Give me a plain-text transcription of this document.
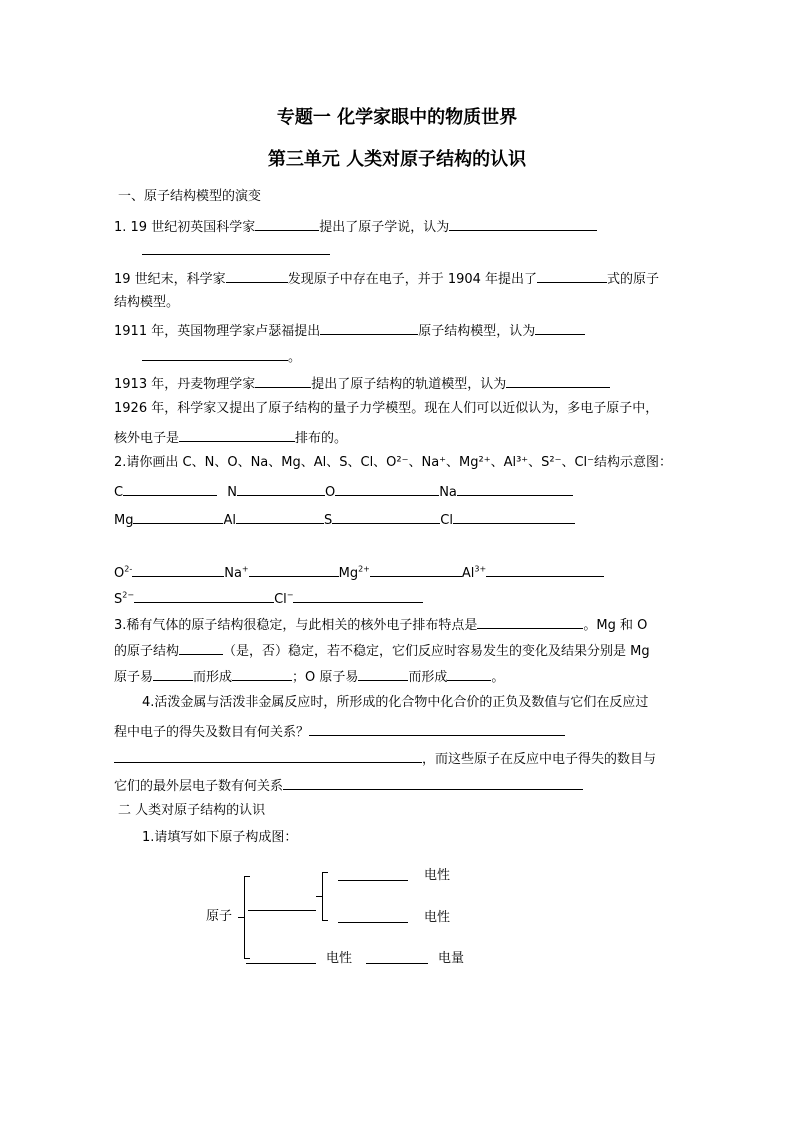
专题一 化学家眼中的物质世界
第三单元 人类对原子结构的认识
一、原子结构模型的演变
1. 19 世纪初英国科学家	提出了原子学说，认为
19 世纪末，科学家	发现原子中存在电子，并于 1904 年提出了	式的原子
结构模型。
1911 年，英国物理学家卢瑟福提出	原子结构模型，认为
。
1913 年，丹麦物理学家	提出了原子结构的轨道模型，认为
1926 年，科学家又提出了原子结构的量子力学模型。现在人们可以近似认为，多电子原子中，
核外电子是	排布的。
2.请你画出 C、N、O、Na、Mg、Al、S、Cl、O²⁻、Na⁺、Mg²⁺、Al³⁺、S²⁻、Cl⁻结构示意图：
C	N	O	Na
Mg	Al	S	Cl
$O^{2-}$	Na+	$Mg^{2+}$	$Al^{3+}$
$S^{2-}$	Cl−
3.稀有气体的原子结构很稳定，与此相关的核外电子排布特点是	。Mg 和 O
的原子结构	（是，否）稳定，若不稳定，它们反应时容易发生的变化及结果分别是 Mg
原子易	而形成	；O 原子易	而形成	。
4.活泼金属与活泼非金属反应时，所形成的化合物中化合价的正负及数值与它们在反应过
程中电子的得失及数目有何关系？
，而这些原子在反应中电子得失的数目与
它们的最外层电子数有何关系
二 人类对原子结构的认识
1.请填写如下原子构成图：
原子
电性
电性
电性	电量
